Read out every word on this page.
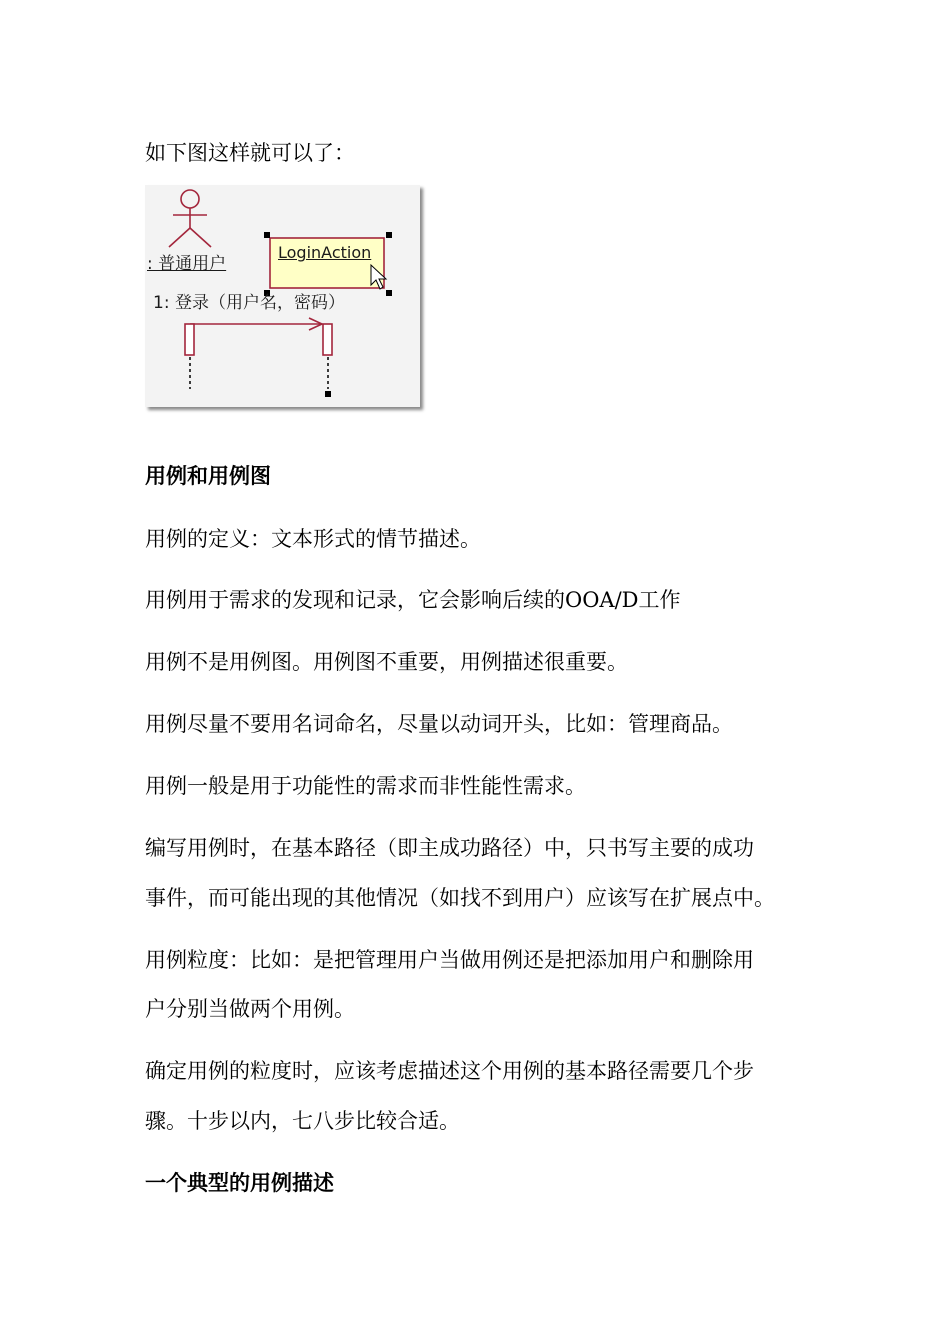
如下图这样就可以了：
: 普通用户
LoginAction
1: 登录（用户名，密码）
用例和用例图
用例的定义：文本形式的情节描述。
用例用于需求的发现和记录，它会影响后续的OOA/D工作
用例不是用例图。用例图不重要，用例描述很重要。
用例尽量不要用名词命名，尽量以动词开头，比如：管理商品。
用例一般是用于功能性的需求而非性能性需求。
编写用例时，在基本路径（即主成功路径）中，只书写主要的成功
事件，而可能出现的其他情况（如找不到用户）应该写在扩展点中。
用例粒度：比如：是把管理用户当做用例还是把添加用户和删除用
户分别当做两个用例。
确定用例的粒度时，应该考虑描述这个用例的基本路径需要几个步
骤。十步以内，七八步比较合适。
一个典型的用例描述
